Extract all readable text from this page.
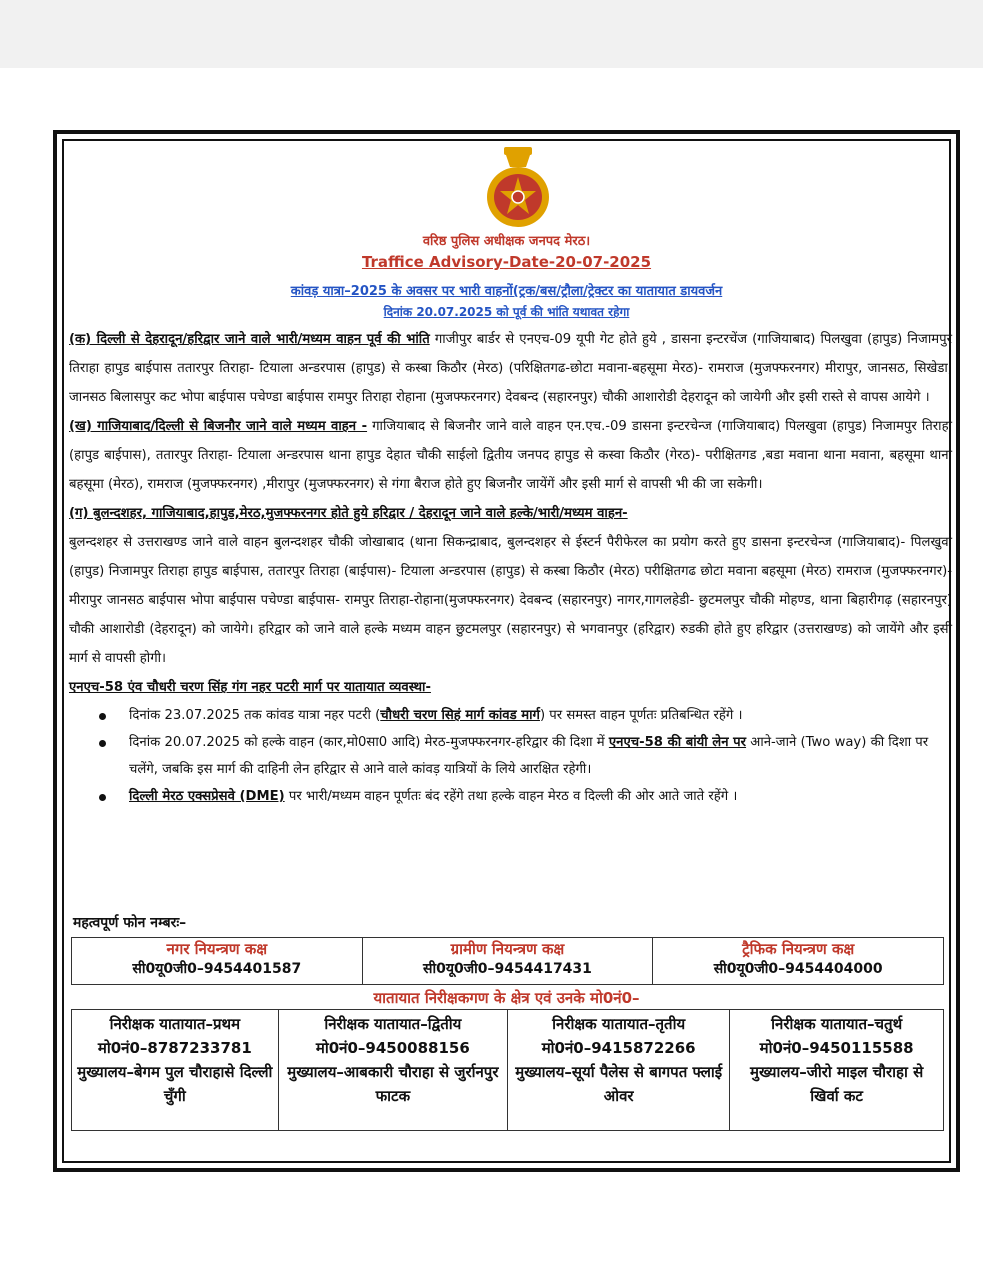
वरिष्ठ पुलिस अधीक्षक जनपद मेरठ।
Traffice Advisory-Date-20-07-2025
कांवड़ यात्रा–2025 के अवसर पर भारी वाहनों(ट्रक/बस/ट्रौला/ट्रेक्टर का यातायात डायवर्जन
दिनांक 20.07.2025 को पूर्व की भांति यथावत रहेगा

(क) दिल्ली से देहरादून/हरिद्वार जाने वाले भारी/मध्यम वाहन पूर्व की भांति गाजीपुर बार्डर से एनएच-09 यूपी गेट होते हुये , डासना इन्टरचेंज (गाजियाबाद) पिलखुवा (हापुड) निजामपुर तिराहा हापुड बाईपास ततारपुर तिराहा- टियाला अन्डरपास (हापुड) से कस्बा किठौर (मेरठ) (परिक्षितगढ-छोटा मवाना-बहसूमा मेरठ)- रामराज (मुजफ्फरनगर) मीरापुर, जानसठ, सिखेडा, जानसठ बिलासपुर कट भोपा बाईपास पचेण्डा बाईपास रामपुर तिराहा रोहाना (मुजफ्फरनगर) देवबन्द (सहारनपुर) चौकी आशारोडी देहरादून को जायेगी और इसी रास्ते से वापस आयेगे ।

(ख) गाजियाबाद/दिल्ली से बिजनौर जाने वाले मध्यम वाहन - गाजियाबाद से बिजनौर जाने वाले वाहन एन.एच.-09 डासना इन्टरचेन्ज (गाजियाबाद) पिलखुवा (हापुड) निजामपुर तिराहा (हापुड बाईपास), ततारपुर तिराहा- टियाला अन्डरपास थाना हापुड देहात चौकी साईलो द्वितीय जनपद हापुड से कस्वा किठौर (गेरठ)- परीक्षितगड ,बडा मवाना थाना मवाना, बहसूमा थाना बहसूमा (मेरठ), रामराज (मुजफ्फरनगर) ,मीरापुर (मुजफ्फरनगर) से गंगा बैराज होते हुए बिजनौर जायेंगें और इसी मार्ग से वापसी भी की जा सकेगी।

(ग) बुलन्दशहर, गाजियाबाद,हापुड,मेरठ,मुजफ्फरनगर होते हुये हरिद्वार / देहरादून जाने वाले हल्के/भारी/मध्यम वाहन-
बुलन्दशहर से उत्तराखण्ड जाने वाले वाहन बुलन्दशहर चौकी जोखाबाद (थाना सिकन्द्राबाद, बुलन्दशहर से ईस्टर्न पैरीफेरल का प्रयोग करते हुए डासना इन्टरचेन्ज (गाजियाबाद)- पिलखुवा (हापुड) निजामपुर तिराहा हापुड बाईपास, ततारपुर तिराहा (बाईपास)- टियाला अन्डरपास (हापुड) से कस्बा किठौर (मेरठ) परीक्षितगढ छोटा मवाना बहसूमा (मेरठ) रामराज (मुजफ्फरनगर)- मीरापुर जानसठ बाईपास भोपा बाईपास पचेण्डा बाईपास- रामपुर तिराहा-रोहाना(मुजफ्फरनगर) देवबन्द (सहारनपुर) नागर,गागलहेडी- छुटमलपुर चौकी मोहण्ड, थाना बिहारीगढ़ (सहारनपुर) चौकी आशारोडी (देहरादून) को जायेगे। हरिद्वार को जाने वाले हल्के मध्यम वाहन छुटमलपुर (सहारनपुर) से भगवानपुर (हरिद्वार) रुडकी होते हुए हरिद्वार (उत्तराखण्ड) को जायेंगे और इसी मार्ग से वापसी होगी।

एनएच-58 एंव चौधरी चरण सिंह गंग नहर पटरी मार्ग पर यातायात व्यवस्था-

दिनांक 23.07.2025 तक कांवड यात्रा नहर पटरी (चौधरी चरण सिहं मार्ग कांवड मार्ग) पर समस्त वाहन पूर्णतः प्रतिबन्धित रहेंगे ।
दिनांक 20.07.2025 को हल्के वाहन (कार,मो0सा0 आदि) मेरठ-मुजफ्फरनगर-हरिद्वार की दिशा में एनएच-58 की बांयी लेन पर आने-जाने (Two way) की दिशा पर चलेंगे, जबकि इस मार्ग की दाहिनी लेन हरिद्वार से आने वाले कांवड़ यात्रियों के लिये आरक्षित रहेगी।
दिल्ली मेरठ एक्सप्रेसवे (DME) पर भारी/मध्यम वाहन पूर्णतः बंद रहेंगे तथा हल्के वाहन मेरठ व दिल्ली की ओर आते जाते रहेंगे ।
महत्वपूर्ण फोन नम्बरः–
नगर नियन्त्रण कक्ष
सी0यू0जी0–9454401587

ग्रामीण नियन्त्रण कक्ष
सी0यू0जी0–9454417431

ट्रैफिक नियन्त्रण कक्ष
सी0यू0जी0–9454404000
यातायात निरीक्षकगण के क्षेत्र एवं उनके मो0नं0–
निरीक्षक यातायात–प्रथम
मो0नं0–8787233781
मुख्यालय–बेगम पुल चौराहासे दिल्ली चुँगी

निरीक्षक यातायात–द्वितीय
मो0नं0–9450088156
मुख्यालय–आबकारी चौराहा से जुर्रानपुर फाटक

निरीक्षक यातायात–तृतीय
मो0नं0–9415872266
मुख्यालय–सूर्या पैलेस से बागपत फ्लाई ओवर

निरीक्षक यातायात–चतुर्थ
मो0नं0–9450115588
मुख्यालय–जीरो माइल चौराहा से खिर्वा कट
